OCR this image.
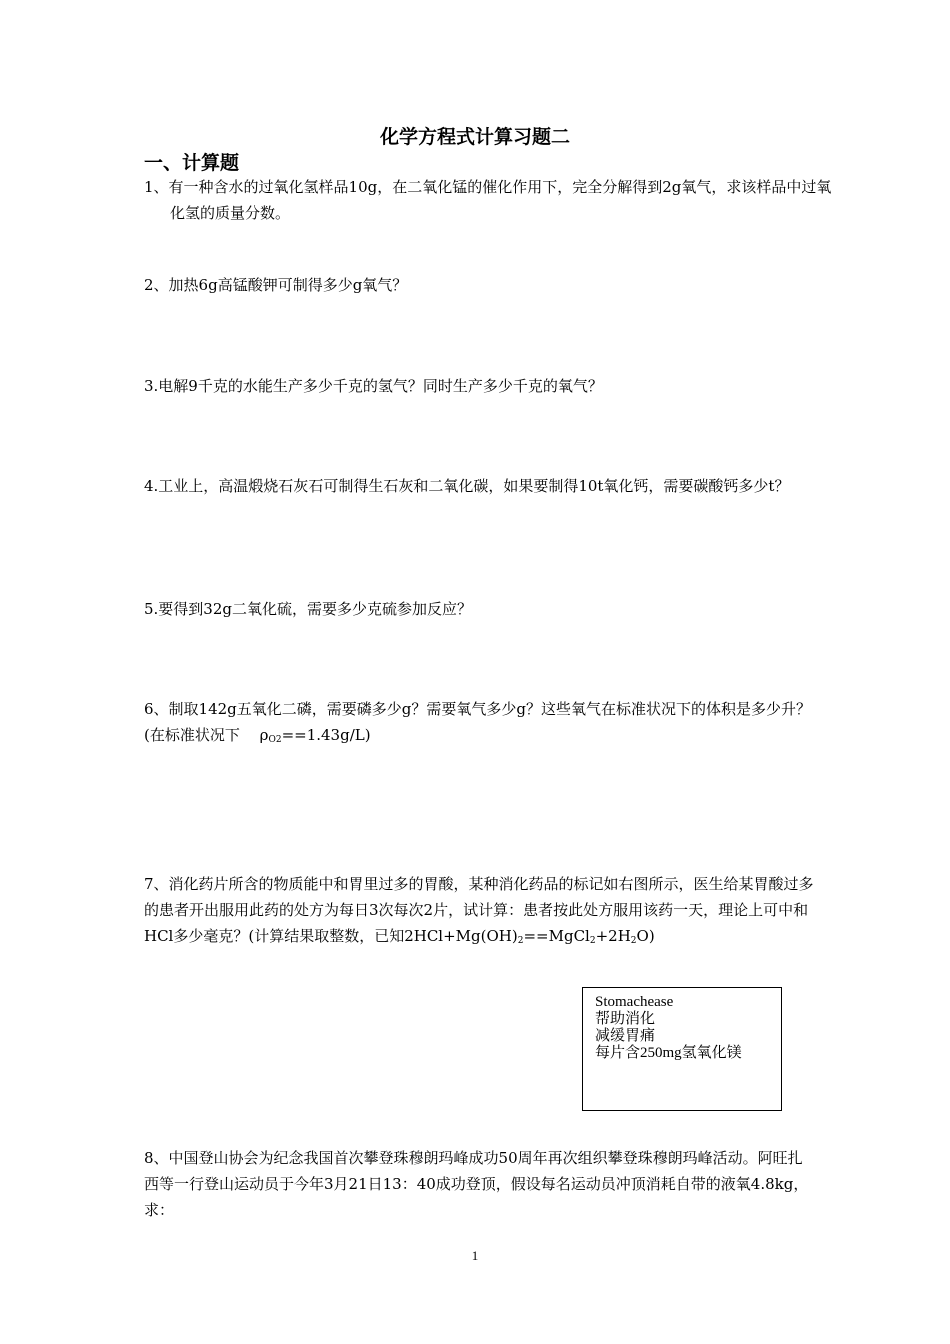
化学方程式计算习题二
一、计算题

1、有一种含水的过氧化氢样品10g，在二氧化锰的催化作用下，完全分解得到2g氧气，求该样品中过氧化氢的质量分数。

2、加热6g高锰酸钾可制得多少g氧气？

3.电解9千克的水能生产多少千克的氢气？同时生产多少千克的氧气？

4.工业上，高温煅烧石灰石可制得生石灰和二氧化碳，如果要制得10t氧化钙，需要碳酸钙多少t？

5.要得到32g二氧化硫，需要多少克硫参加反应？

6、制取142g五氧化二磷，需要磷多少g？需要氧气多少g？这些氧气在标准状况下的体积是多少升？(在标准状况下　 $\rho_{O2}==1.43g/L$)

7、消化药片所含的物质能中和胃里过多的胃酸，某种消化药品的标记如右图所示，医生给某胃酸过多的患者开出服用此药的处方为每日3次每次2片，试计算：患者按此处方服用该药一天，理论上可中和HCl多少毫克？(计算结果取整数，已知$2HCl+Mg(OH)_2==MgCl_2+2H_2O$)

Stomachease
帮助消化
减缓胃痛
每片含250mg氢氧化镁

8、中国登山协会为纪念我国首次攀登珠穆朗玛峰成功50周年再次组织攀登珠穆朗玛峰活动。阿旺扎西等一行登山运动员于今年3月21日13：40成功登顶，假设每名运动员冲顶消耗自带的液氧4.8kg，求：

1
